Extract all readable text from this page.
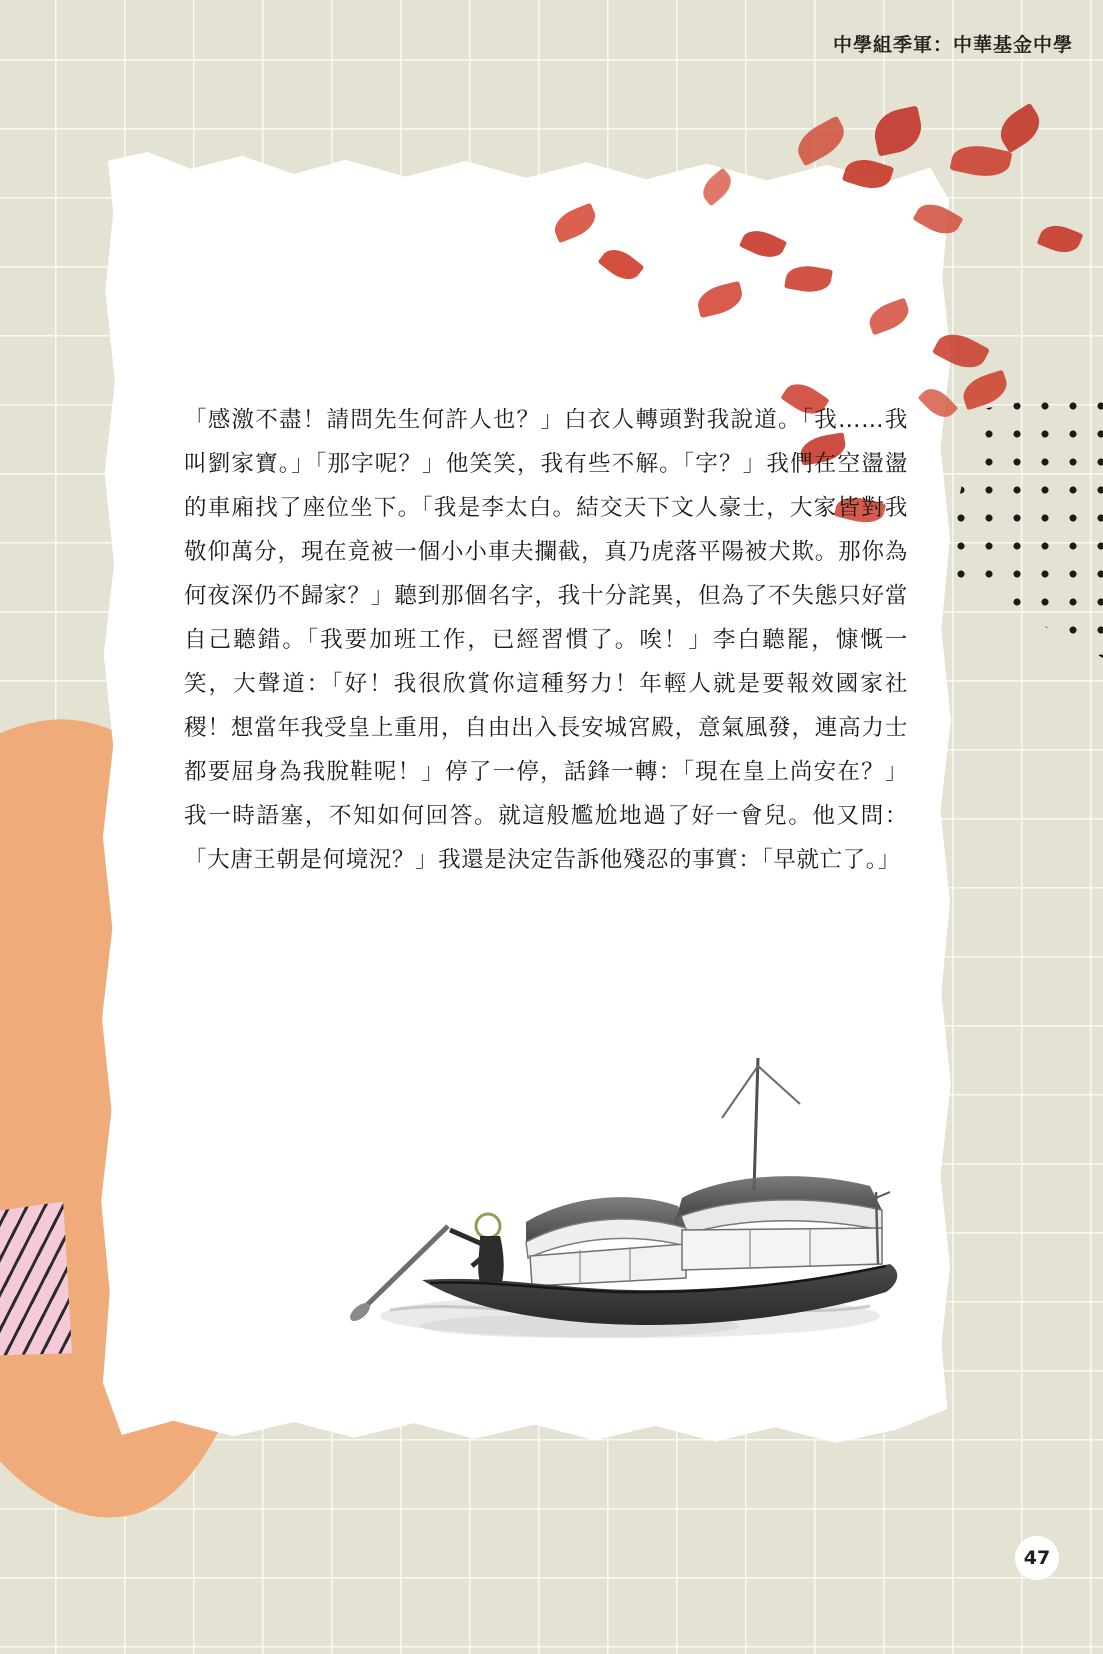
中學組季軍：中華基金中學
「感激不盡！請問先生何許人也？」白衣人轉頭對我說道。「我……我叫劉家寶。」「那字呢？」他笑笑，我有些不解。「字？」我們在空盪盪的車廂找了座位坐下。「我是李太白。結交天下文人豪士，大家皆對我敬仰萬分，現在竟被一個小小車夫攔截，真乃虎落平陽被犬欺。那你為何夜深仍不歸家？」聽到那個名字，我十分詫異，但為了不失態只好當自己聽錯。「我要加班工作，已經習慣了。唉！」李白聽罷，慷慨一笑，大聲道：「好！我很欣賞你這種努力！年輕人就是要報效國家社稷！想當年我受皇上重用，自由出入長安城宮殿，意氣風發，連高力士都要屈身為我脫鞋呢！」停了一停，話鋒一轉：「現在皇上尚安在？」我一時語塞，不知如何回答。就這般尷尬地過了好一會兒。他又問：「大唐王朝是何境況？」我還是決定告訴他殘忍的事實：「早就亡了。」
47
